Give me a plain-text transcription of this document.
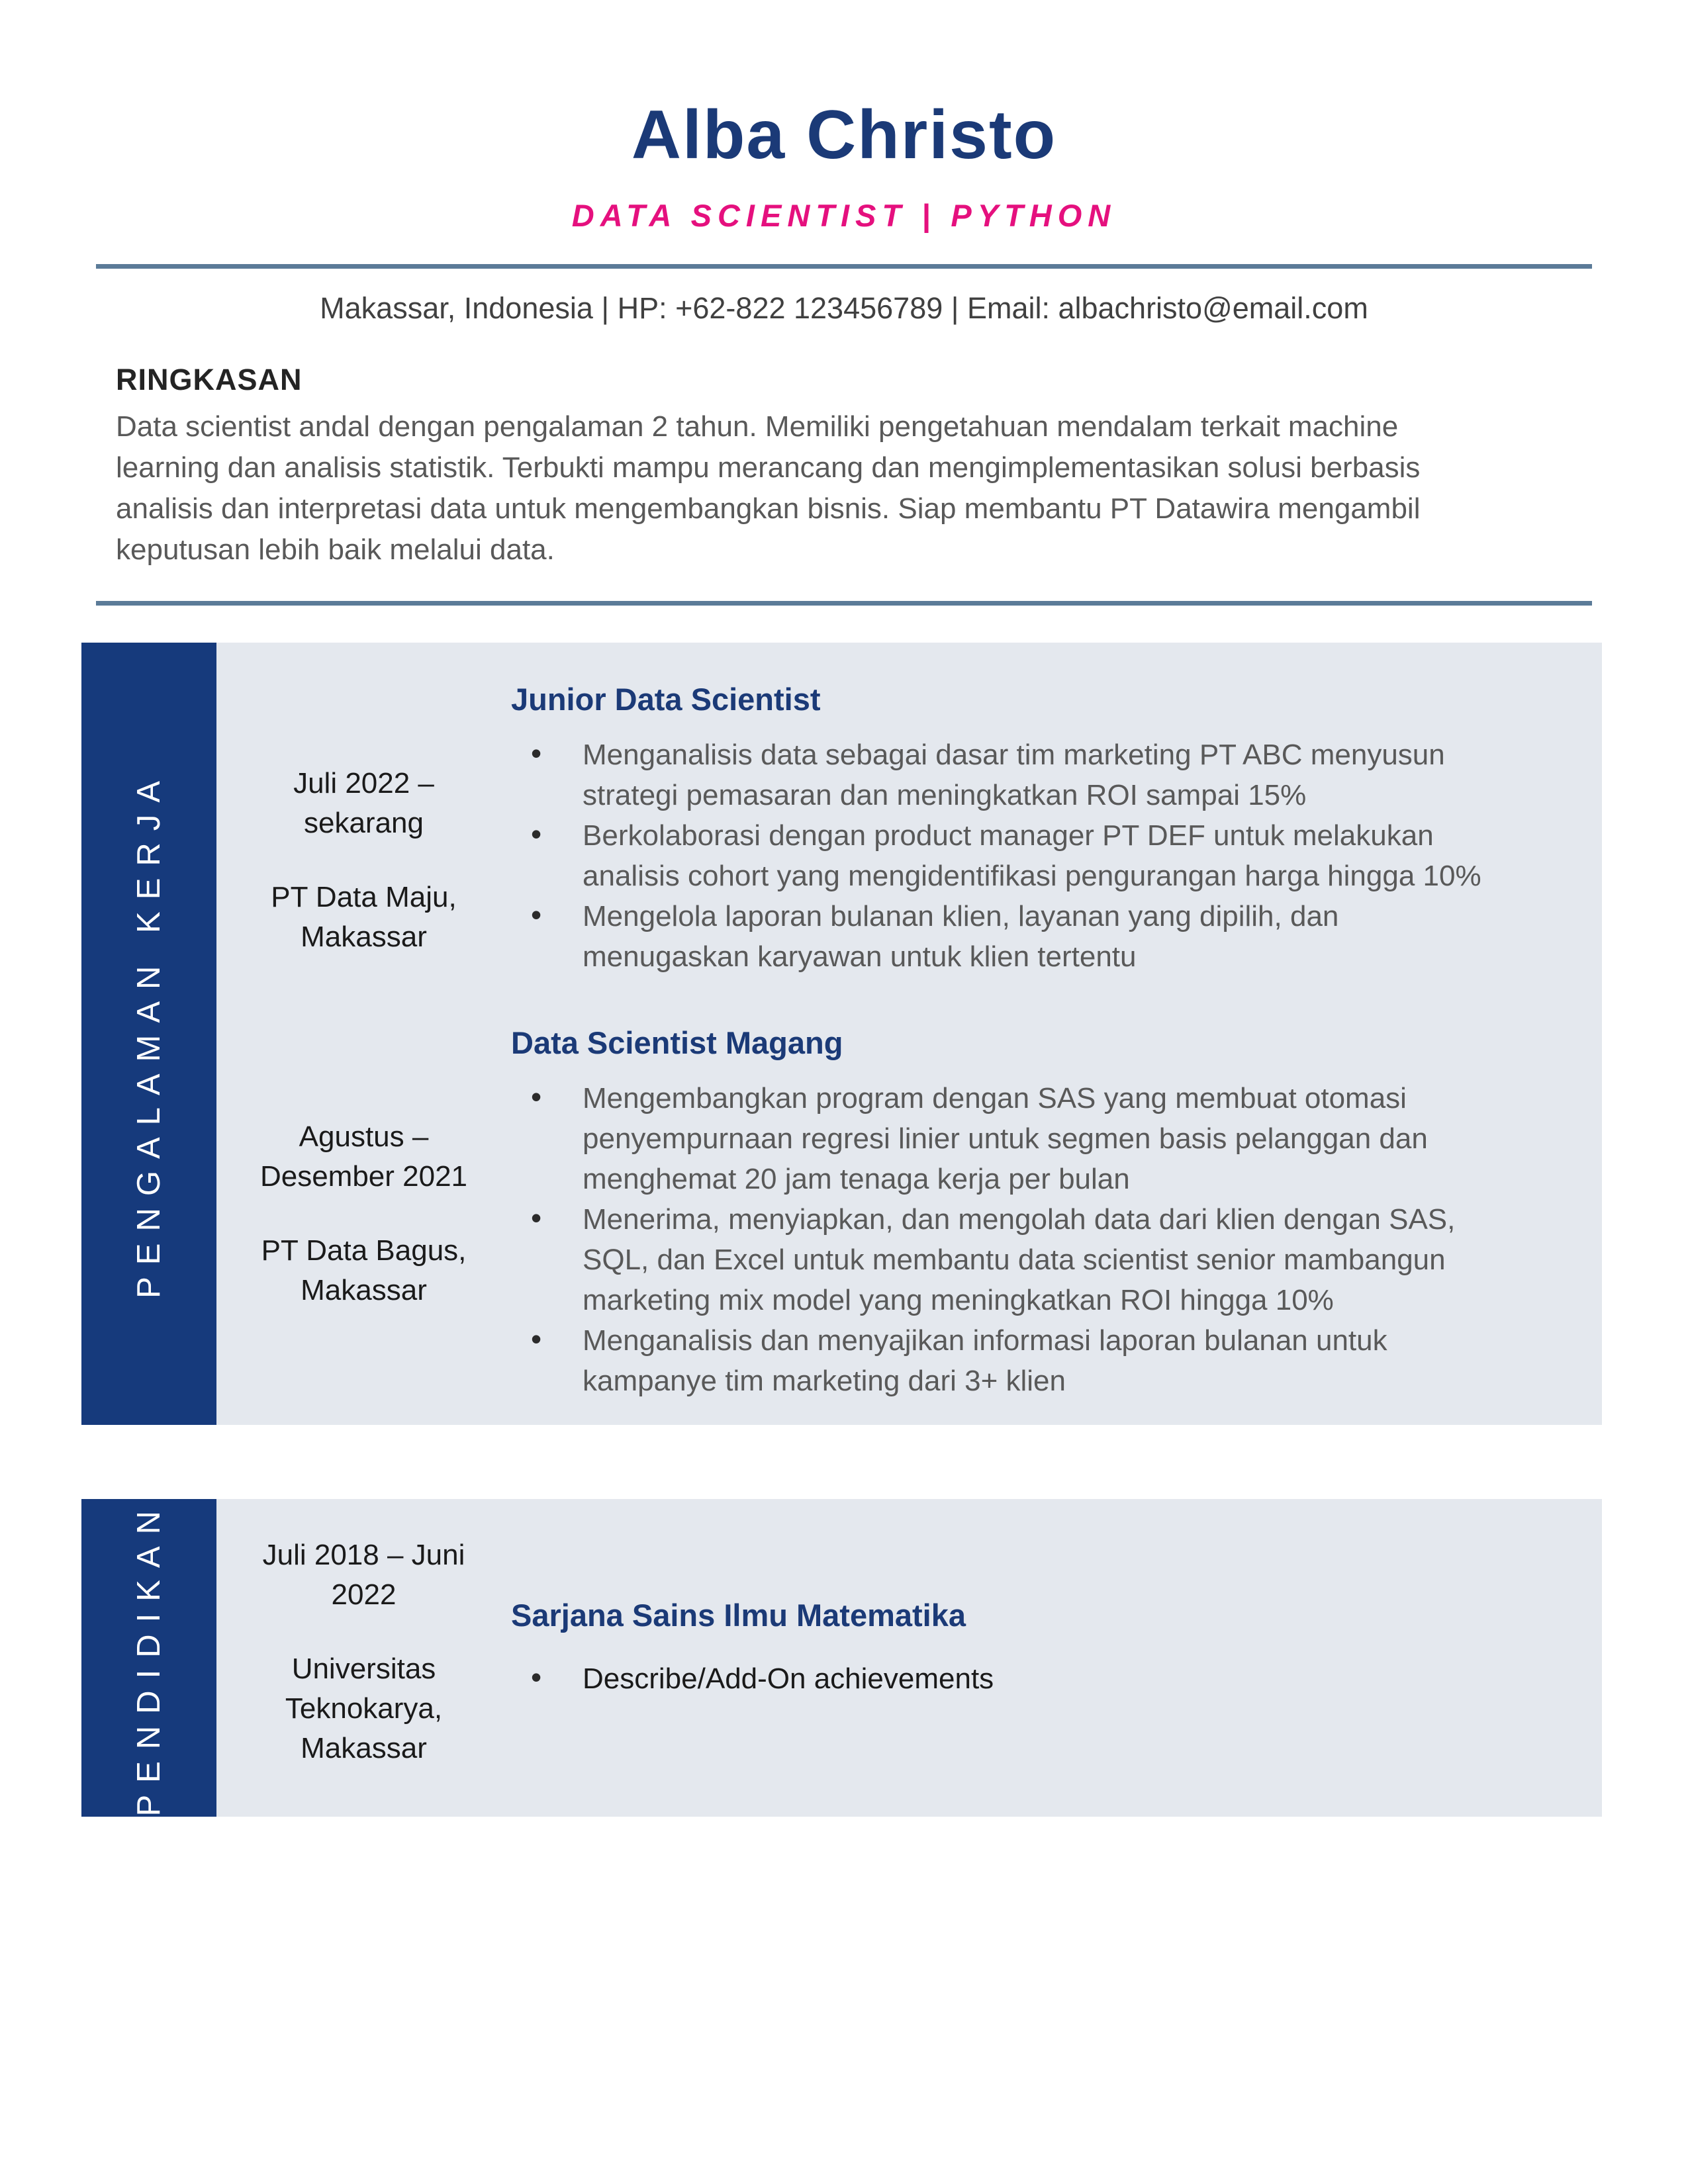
Alba Christo
DATA SCIENTIST | PYTHON
Makassar, Indonesia | HP: +62-822 123456789 | Email: albachristo@email.com
RINGKASAN

Data scientist andal dengan pengalaman 2 tahun. Memiliki pengetahuan mendalam terkait machine learning dan analisis statistik. Terbukti mampu merancang dan mengimplementasikan solusi berbasis analisis dan interpretasi data untuk mengembangkan bisnis. Siap membantu PT Datawira mengambil keputusan lebih baik melalui data.

PENGALAMAN KERJA	Juli 2022 – sekarang
PT Data Maju, Makassar
Junior Data Scientist
• Menganalisis data sebagai dasar tim marketing PT ABC menyusun strategi pemasaran dan meningkatkan ROI sampai 15%
• Berkolaborasi dengan product manager PT DEF untuk melakukan analisis cohort yang mengidentifikasi pengurangan harga hingga 10%
• Mengelola laporan bulanan klien, layanan yang dipilih, dan menugaskan karyawan untuk klien tertentu
Agustus – Desember 2021
PT Data Bagus, Makassar
Data Scientist Magang
• Mengembangkan program dengan SAS yang membuat otomasi penyempurnaan regresi linier untuk segmen basis pelanggan dan menghemat 20 jam tenaga kerja per bulan
• Menerima, menyiapkan, dan mengolah data dari klien dengan SAS, SQL, dan Excel untuk membantu data scientist senior mambangun marketing mix model yang meningkatkan ROI hingga 10%
• Menganalisis dan menyajikan informasi laporan bulanan untuk kampanye tim marketing dari 3+ klien
PENDIDIKAN	Juli 2018 – Juni 2022
Universitas Teknokarya, Makassar
Sarjana Sains Ilmu Matematika
• Describe/Add-On achievements
